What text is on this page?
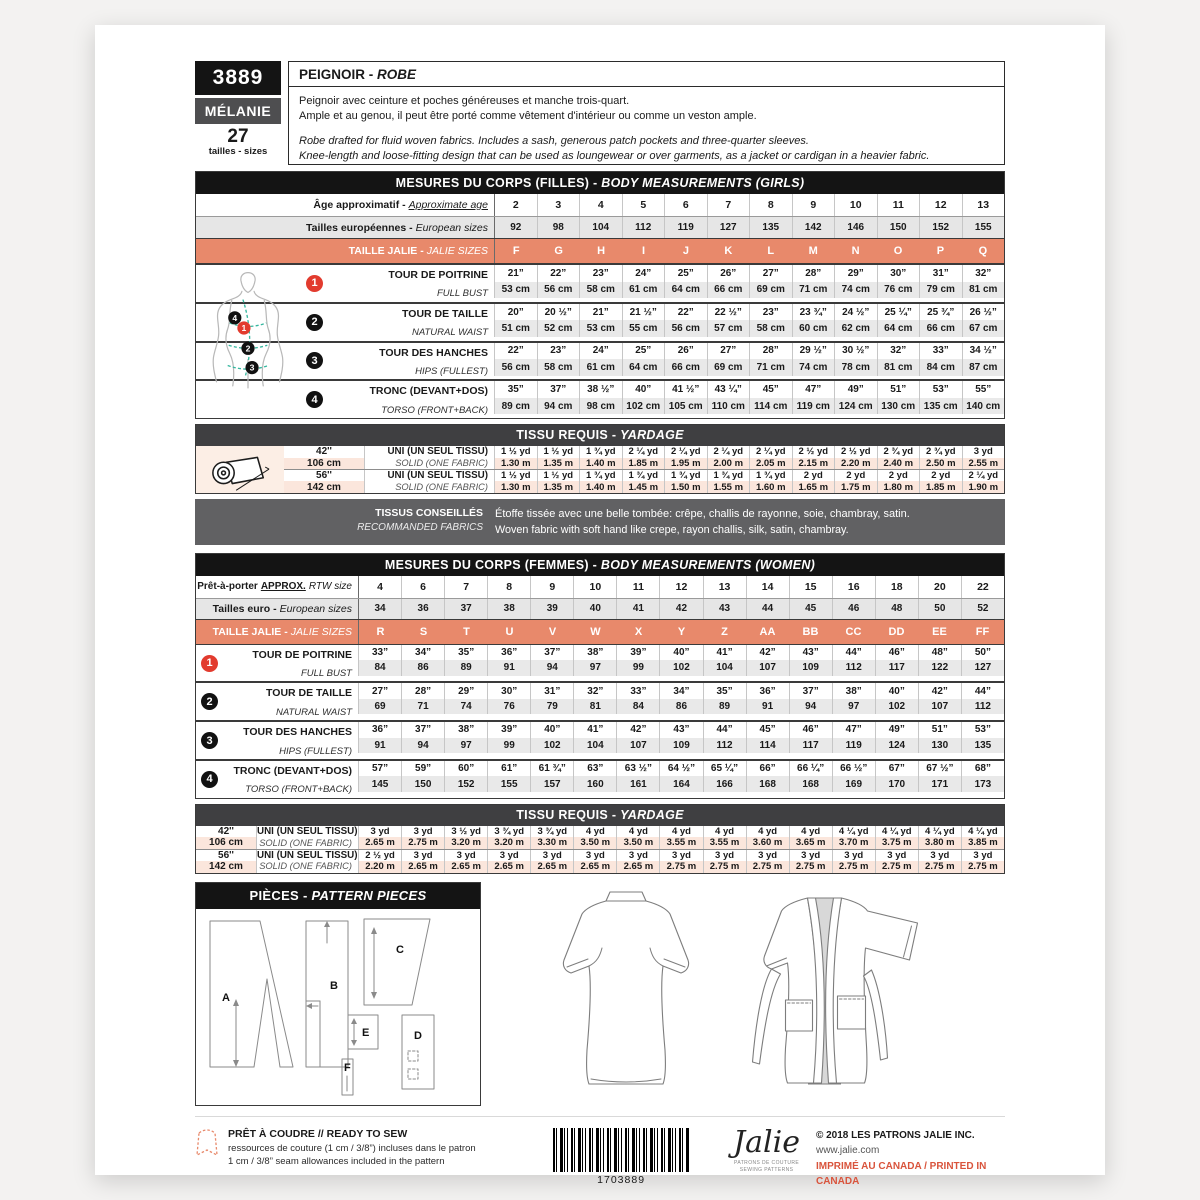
3889
MÉLANIE
27
tailles - sizes
PEIGNOIR - ROBE
Peignoir avec ceinture et poches généreuses et manche trois-quart.
Ample et au genou, il peut être porté comme vêtement d'intérieur ou comme un veston ample.
Robe drafted for fluid woven fabrics. Includes a sash, generous patch pockets and three-quarter sleeves.
Knee-length and loose-fitting design that can be used as loungewear or over garments, as a jacket or cardigan in a heavier fabric.
MESURES DU CORPS (FILLES) - BODY MEASUREMENTS (GIRLS)
Âge approximatif - Approximate age	2	3	4	5	6	7	8	9	10	11	12	13
Tailles européennes - European sizes	92	98	104	112	119	127	135	142	146	150	152	155
TAILLE JALIE - JALIE SIZES	F	G	H	I	J	K	L	M	N	O	P	Q
4
1
2
3
1
TOUR DE POITRINE
FULL BUST
21”	22”	23”	24”	25”	26”	27”	28”	29”	30”	31”	32”
53 cm	56 cm	58 cm	61 cm	64 cm	66 cm	69 cm	71 cm	74 cm	76 cm	79 cm	81 cm
2
TOUR DE TAILLE
NATURAL WAIST
20”	20 ½”	21”	21 ½”	22”	22 ½”	23”	23 ¾”	24 ½”	25 ¼”	25 ¾”	26 ½”
51 cm	52 cm	53 cm	55 cm	56 cm	57 cm	58 cm	60 cm	62 cm	64 cm	66 cm	67 cm
3
TOUR DES HANCHES
HIPS (FULLEST)
22”	23”	24”	25”	26”	27”	28”	29 ½”	30 ½”	32”	33”	34 ½”
56 cm	58 cm	61 cm	64 cm	66 cm	69 cm	71 cm	74 cm	78 cm	81 cm	84 cm	87 cm
4
TRONC (DEVANT+DOS)
TORSO (FRONT+BACK)
35”	37”	38 ½”	40”	41 ½”	43 ¼”	45”	47”	49”	51”	53”	55”
89 cm	94 cm	98 cm	102 cm 105 cm 110 cm 114 cm 119 cm 124 cm 130 cm 135 cm 140 cm
TISSU REQUIS - YARDAGE
42''
106 cm
UNI (UN SEUL TISSU)
SOLID (ONE FABRIC)
1 ½ yd	1 ½ yd	1 ¾ yd	2 ¼ yd	2 ¼ yd	2 ¼ yd	2 ¼ yd	2 ½ yd	2 ½ yd	2 ¾ yd	2 ¾ yd	3 yd
1.30 m	1.35 m	1.40 m	1.85 m	1.95 m	2.00 m	2.05 m	2.15 m	2.20 m	2.40 m	2.50 m	2.55 m
56''
142 cm
UNI (UN SEUL TISSU)
SOLID (ONE FABRIC)
1 ½ yd	1 ½ yd	1 ¾ yd	1 ¾ yd	1 ¾ yd	1 ¾ yd	1 ¾ yd	2 yd	2 yd	2 yd	2 yd	2 ¼ yd
1.30 m	1.35 m	1.40 m	1.45 m	1.50 m	1.55 m	1.60 m	1.65 m	1.75 m	1.80 m	1.85 m	1.90 m
TISSUS CONSEILLÉS
RECOMMANDED FABRICS
Étoffe tissée avec une belle tombée: crêpe, challis de rayonne, soie, chambray, satin.
Woven fabric with soft hand like crepe, rayon challis, silk, satin, chambray.
MESURES DU CORPS (FEMMES) - BODY MEASUREMENTS (WOMEN)
Prêt-à-porter APPROX. RTW size	4	6	7	8	9	10	11	12	13	14	15	16	18	20	22
Tailles euro - European sizes	34	36	37	38	39	40	41	42	43	44	45	46	48	50	52
TAILLE JALIE - JALIE SIZES	R	S	T	U	V	W	X	Y	Z	AA	BB	CC	DD	EE	FF
1
TOUR DE POITRINE
FULL BUST
33”	34”	35”	36”	37”	38”	39”	40”	41”	42”	43”	44”	46”	48”	50”
84	86	89	91	94	97	99	102	104	107	109	112	117	122	127
2
TOUR DE TAILLE
NATURAL WAIST
27”	28”	29”	30”	31”	32”	33”	34”	35”	36”	37”	38”	40”	42”	44”
69	71	74	76	79	81	84	86	89	91	94	97	102	107	112
3
TOUR DES HANCHES
HIPS (FULLEST)
36”	37”	38”	39”	40”	41”	42”	43”	44”	45”	46”	47”	49”	51”	53”
91	94	97	99	102	104	107	109	112	114	117	119	124	130	135
4
TRONC (DEVANT+DOS)
TORSO (FRONT+BACK)
57”	59”	60”	61”	61 ¾”	63”	63 ½”	64 ½”	65 ¼”	66”	66 ¼”	66 ½”	67”	67 ½”	68”
145	150	152	155	157	160	161	164	166	168	168	169	170	171	173
TISSU REQUIS - YARDAGE
42''
106 cm
UNI (UN SEUL TISSU)
SOLID (ONE FABRIC)
3 yd	3 yd	3 ½ yd	3 ¾ yd	3 ¾ yd	4 yd	4 yd	4 yd	4 yd	4 yd	4 yd	4 ¼ yd	4 ¼ yd	4 ¼ yd	4 ¼ yd
2.65 m	2.75 m	3.20 m	3.20 m	3.30 m	3.50 m	3.50 m	3.55 m	3.55 m	3.60 m	3.65 m	3.70 m	3.75 m	3.80 m	3.85 m
56''
142 cm
UNI (UN SEUL TISSU)
SOLID (ONE FABRIC)
2 ½ yd	3 yd	3 yd	3 yd	3 yd	3 yd	3 yd	3 yd	3 yd	3 yd	3 yd	3 yd	3 yd	3 yd	3 yd
2.20 m	2.65 m	2.65 m	2.65 m	2.65 m	2.65 m	2.65 m	2.75 m	2.75 m	2.75 m	2.75 m	2.75 m	2.75 m	2.75 m	2.75 m
PIÈCES - PATTERN PIECES
A
B
C
D
E
F
PRÊT À COUDRE // READY TO SEW
ressources de couture (1 cm / 3/8”) incluses dans le patron
1 cm / 3/8” seam allowances included in the pattern
1703889
Jalie
PATRONS DE COUTURE
SEWING PATTERNS
© 2018 LES PATRONS JALIE INC.
www.jalie.com
IMPRIMÉ AU CANADA / PRINTED IN CANADA
